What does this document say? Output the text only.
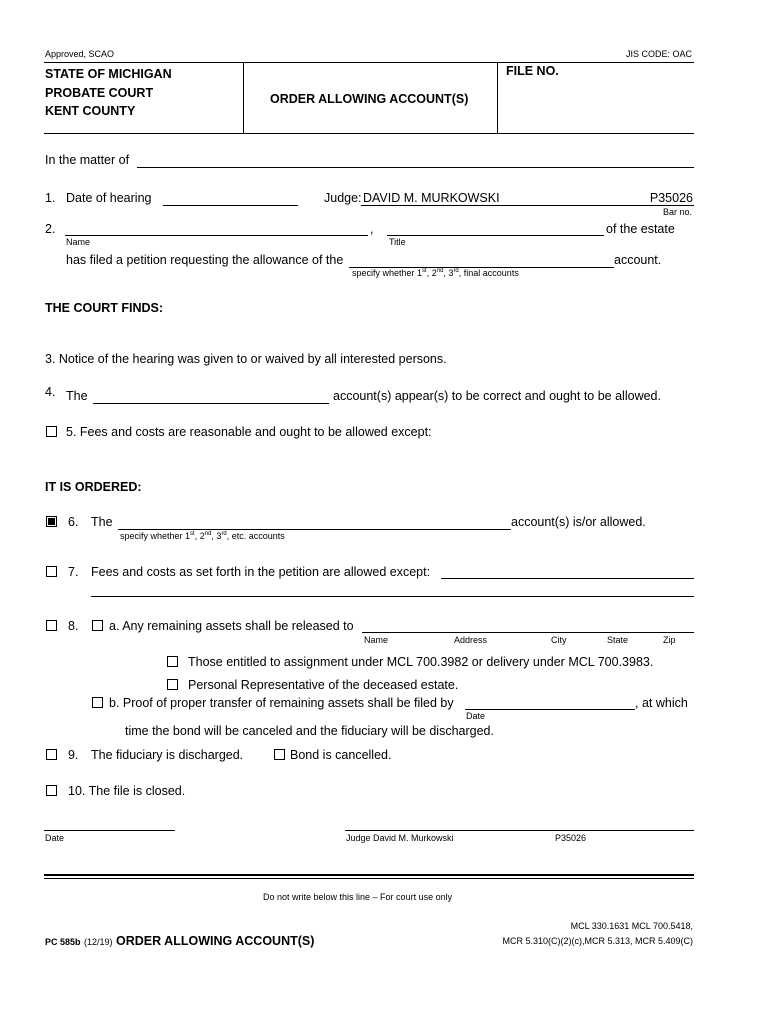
Approved, SCAO	JIS CODE: OAC
STATE OF MICHIGAN
PROBATE COURT
KENT COUNTY
ORDER ALLOWING ACCOUNT(S)
FILE NO.
In the matter of
1. Date of hearing	Judge: DAVID M. MURKOWSKI	P35026
Bar no.
2.	,	of the estate
Name	Title
has filed a petition requesting the allowance of the	account.
specify whether 1st, 2nd, 3rd, final accounts
THE COURT FINDS:
3. Notice of the hearing was given to or waived by all interested persons.
4. The	account(s) appear(s) to be correct and ought to be allowed.
5. Fees and costs are reasonable and ought to be allowed except:
IT IS ORDERED:
6. The	account(s) is/or allowed.
specify whether 1st, 2nd, 3rd, etc. accounts
7. Fees and costs as set forth in the petition are allowed except:
8. a. Any remaining assets shall be released to
Name	Address	City	State	Zip
Those entitled to assignment under MCL 700.3982 or delivery under MCL 700.3983.
Personal Representative of the deceased estate.
b. Proof of proper transfer of remaining assets shall be filed by	, at which
Date
time the bond will be canceled and the fiduciary will be discharged.
9. The fiduciary is discharged.	Bond is cancelled.
10. The file is closed.
Date	Judge David M. Murkowski	P35026
Do not write below this line – For court use only
PC 585b (12/19) ORDER ALLOWING ACCOUNT(S)
MCL 330.1631 MCL 700.5418,
MCR 5.310(C)(2)(c),MCR 5.313, MCR 5.409(C)
